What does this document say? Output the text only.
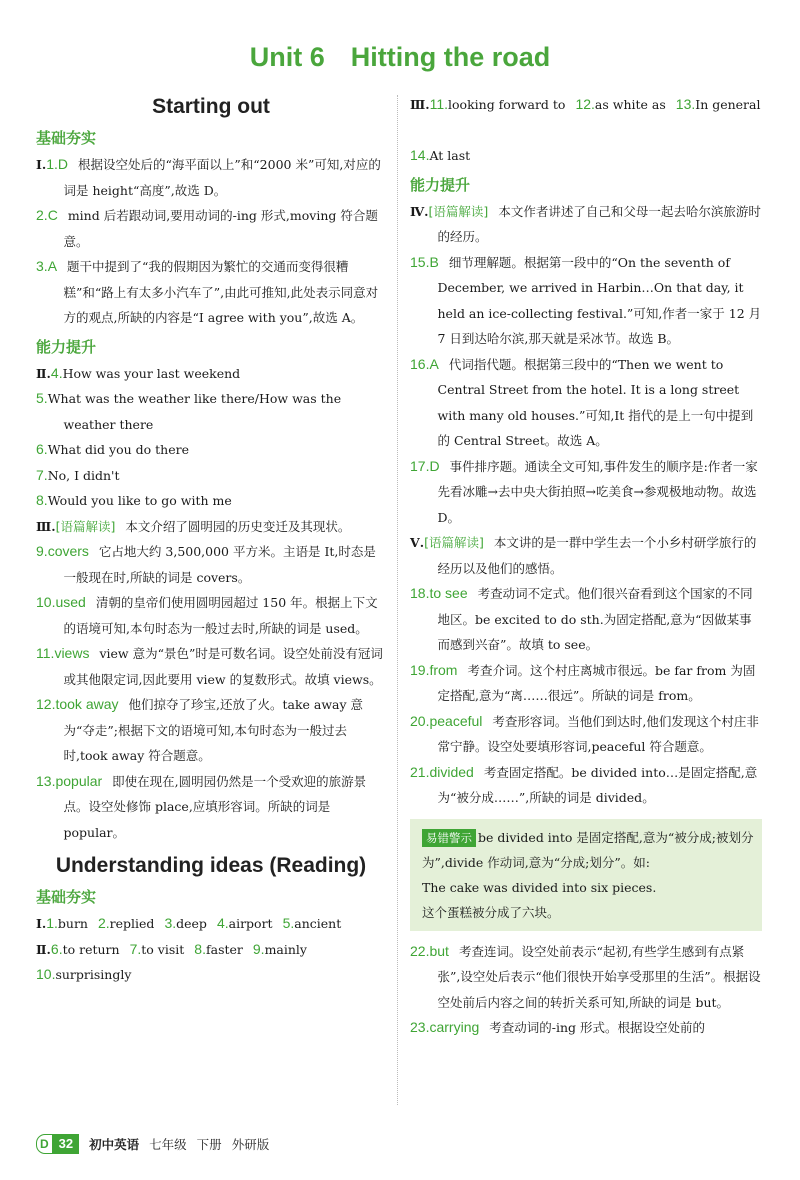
Unit 6 Hitting the road
Starting out
基础夯实

Ⅰ.1.D 根据设空处后的“海平面以上”和“2000 米”可知,对应的词是 height“高度”,故选 D。

2.C mind 后若跟动词,要用动词的-ing 形式,moving 符合题意。

3.A 题干中提到了“我的假期因为繁忙的交通而变得很糟糕”和“路上有太多小汽车了”,由此可推知,此处表示同意对方的观点,所缺的内容是“I agree with you”,故选 A。

能力提升

Ⅱ.4.How was your last weekend

5.What was the weather like there/How was the weather there

6.What did you do there

7.No, I didn't

8.Would you like to go with me

Ⅲ.[语篇解读] 本文介绍了圆明园的历史变迁及其现状。

9.covers 它占地大约 3,500,000 平方米。主语是 It,时态是一般现在时,所缺的词是 covers。

10.used 清朝的皇帝们使用圆明园超过 150 年。根据上下文的语境可知,本句时态为一般过去时,所缺的词是 used。

11.views view 意为“景色”时是可数名词。设空处前没有冠词或其他限定词,因此要用 view 的复数形式。故填 views。

12.took away 他们掠夺了珍宝,还放了火。take away 意为“夺走”;根据下文的语境可知,本句时态为一般过去时,took away 符合题意。

13.popular 即使在现在,圆明园仍然是一个受欢迎的旅游景点。设空处修饰 place,应填形容词。所缺的词是 popular。

Understanding ideas (Reading)
基础夯实

Ⅰ.1.burn 2.replied 3.deep 4.airport 5.ancient

Ⅱ.6.to return 7.to visit 8.faster 9.mainly

10.surprisingly

Ⅲ.11.looking forward to 12.as white as 13.In general

14.At last

能力提升

Ⅳ.[语篇解读] 本文作者讲述了自己和父母一起去哈尔滨旅游时的经历。

15.B 细节理解题。根据第一段中的“On the seventh of December, we arrived in Harbin…On that day, it held an ice-collecting festival.”可知,作者一家于 12 月 7 日到达哈尔滨,那天就是采冰节。故选 B。

16.A 代词指代题。根据第三段中的“Then we went to Central Street from the hotel. It is a long street with many old houses.”可知,It 指代的是上一句中提到的 Central Street。故选 A。

17.D 事件排序题。通读全文可知,事件发生的顺序是:作者一家先看冰雕→去中央大街拍照→吃美食→参观极地动物。故选 D。

Ⅴ.[语篇解读] 本文讲的是一群中学生去一个小乡村研学旅行的经历以及他们的感悟。

18.to see 考查动词不定式。他们很兴奋看到这个国家的不同地区。be excited to do sth.为固定搭配,意为“因做某事而感到兴奋”。故填 to see。

19.from 考查介词。这个村庄离城市很远。be far from 为固定搭配,意为“离……很远”。所缺的词是 from。

20.peaceful 考查形容词。当他们到达时,他们发现这个村庄非常宁静。设空处要填形容词,peaceful 符合题意。

21.divided 考查固定搭配。be divided into…是固定搭配,意为“被分成……”,所缺的词是 divided。

易错警示 be divided into 是固定搭配,意为“被分成;被划分为”,divide 作动词,意为“分成;划分”。如:
The cake was divided into six pieces.
这个蛋糕被分成了六块。

22.but 考查连词。设空处前表示“起初,有些学生感到有点紧张”,设空处后表示“他们很快开始享受那里的生活”。根据设空处前后内容之间的转折关系可知,所缺的词是 but。

23.carrying 考查动词的-ing 形式。根据设空处前的

D 32	初中英语 七年级 下册 外研版
